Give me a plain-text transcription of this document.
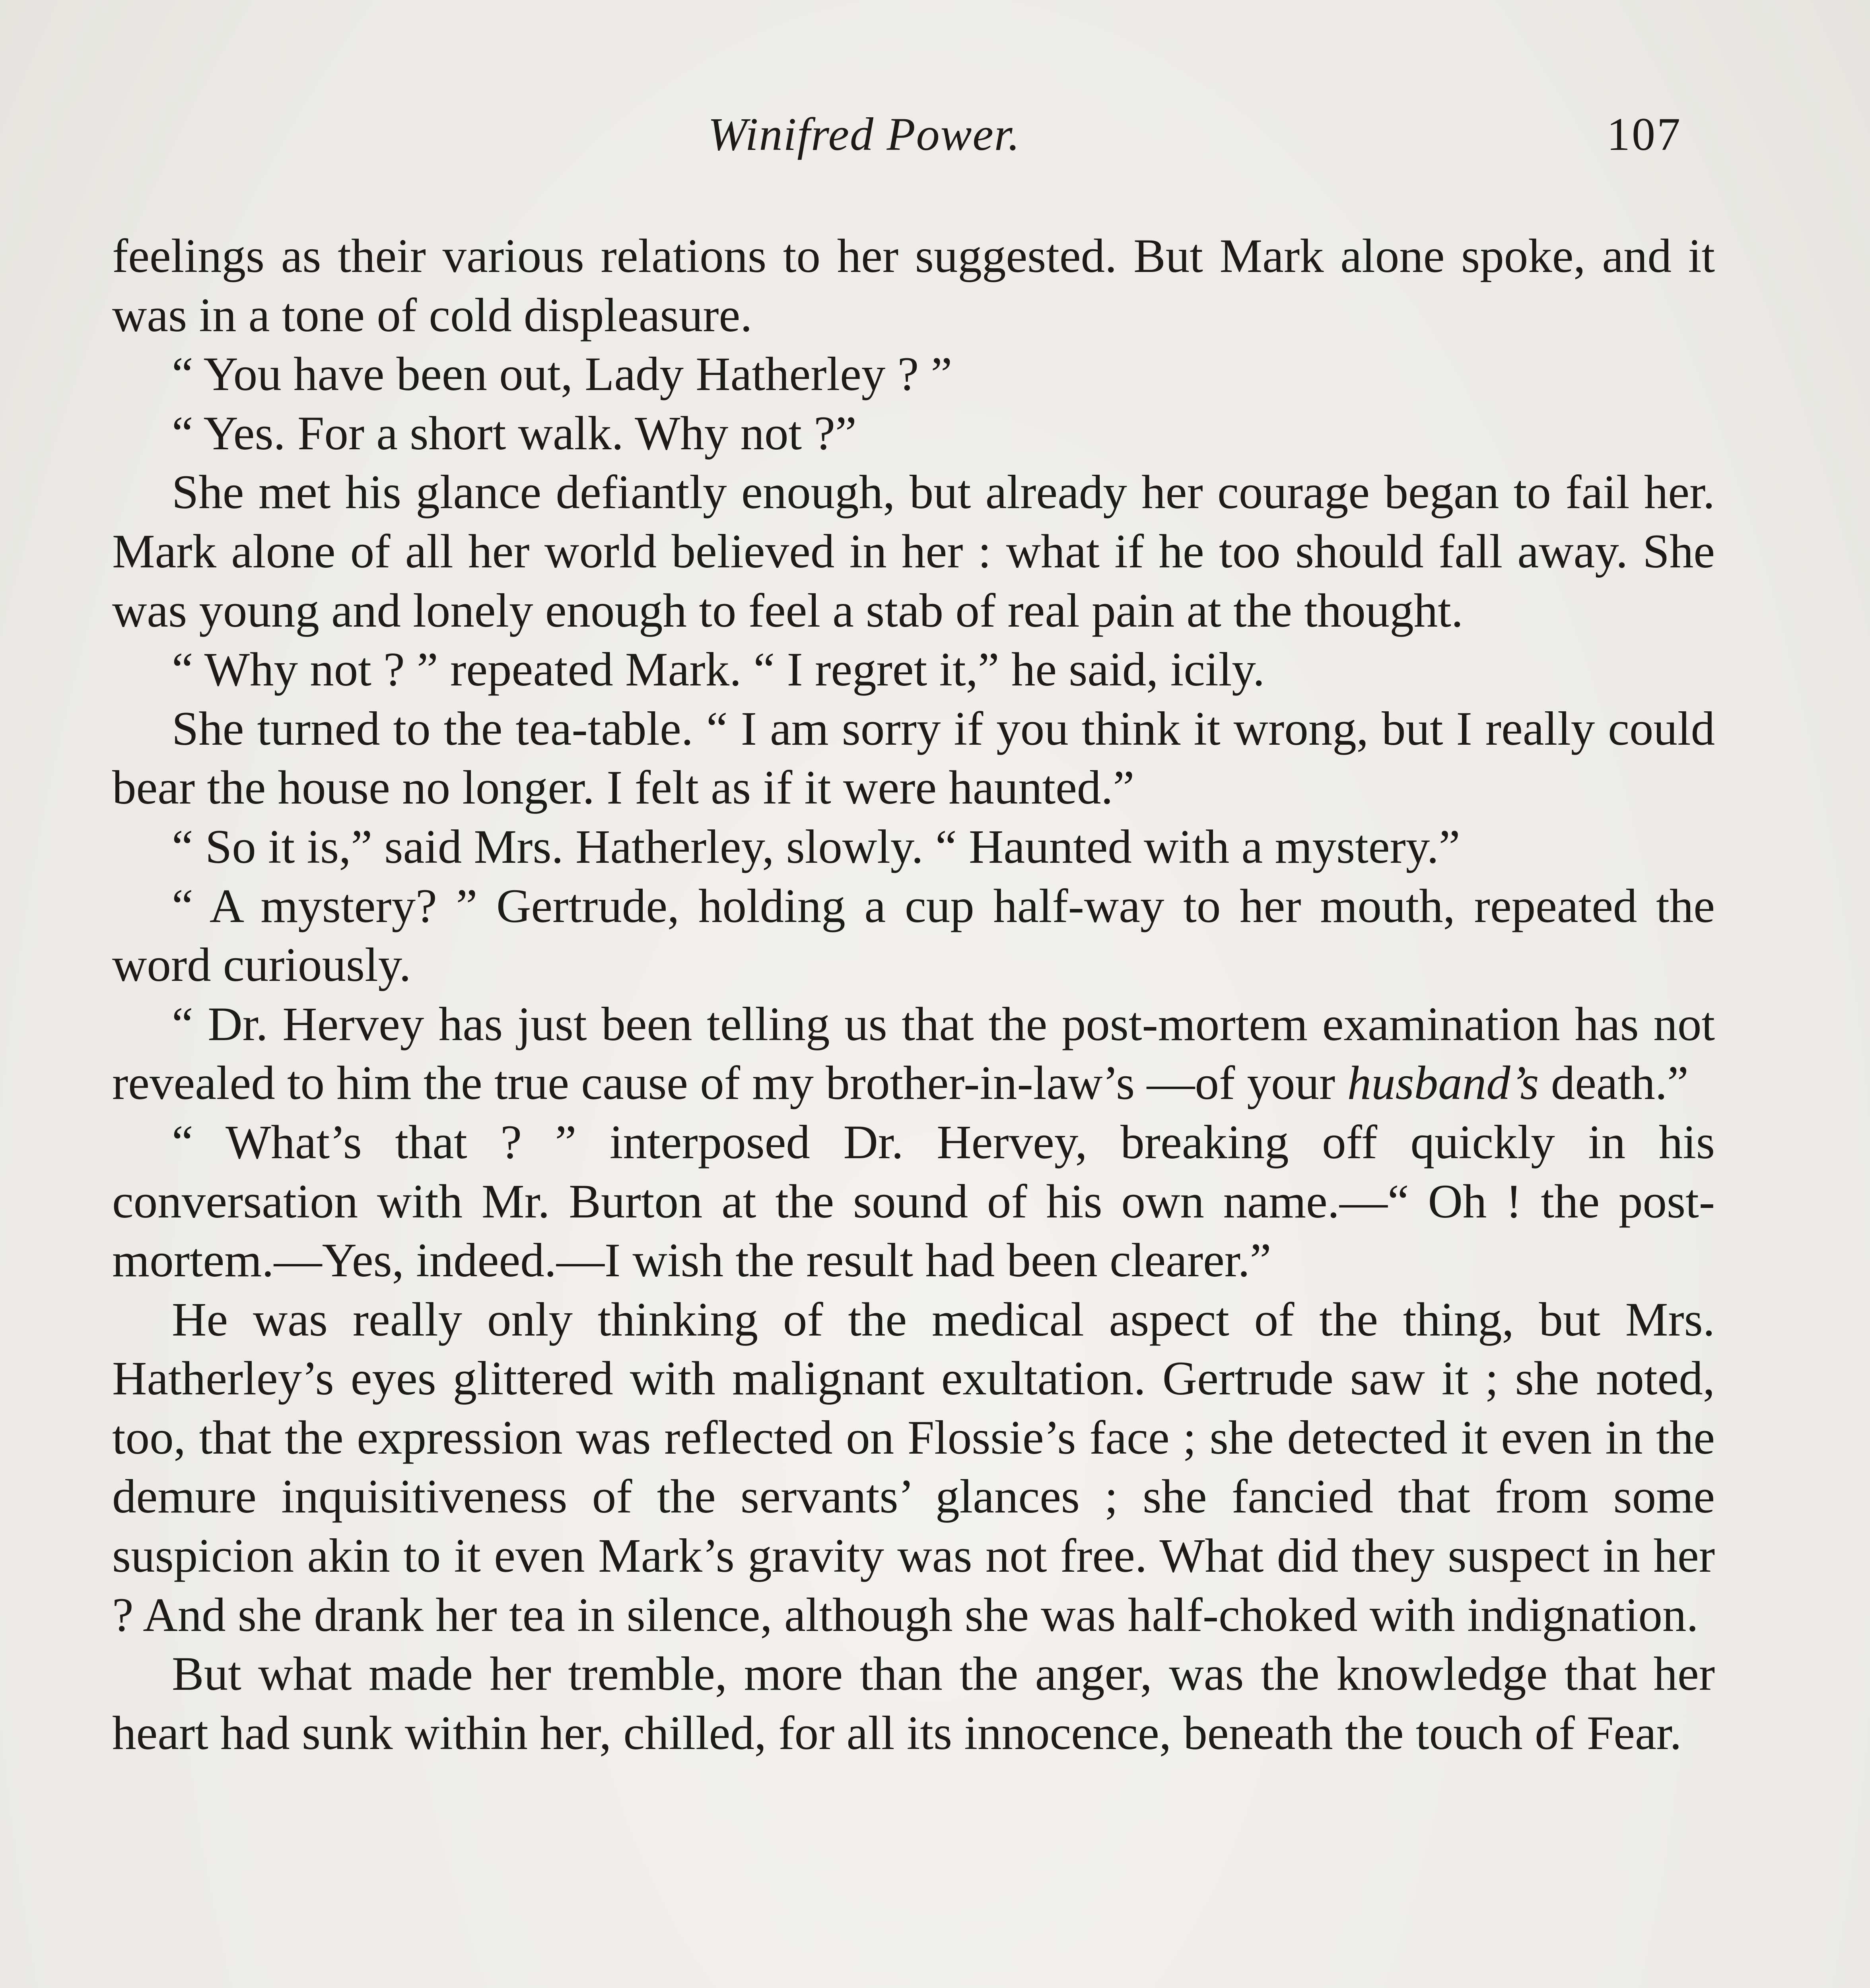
Winifred Power.	107

feelings as their various relations to her suggested. But Mark alone spoke, and it was in a tone of cold displeasure.

“ You have been out, Lady Hatherley ? ”

“ Yes. For a short walk. Why not ?”

She met his glance defiantly enough, but already her courage began to fail her. Mark alone of all her world believed in her : what if he too should fall away. She was young and lonely enough to feel a stab of real pain at the thought.

“ Why not ? ” repeated Mark. “ I regret it,” he said, icily.

She turned to the tea-table. “ I am sorry if you think it wrong, but I really could bear the house no longer. I felt as if it were haunted.”

“ So it is,” said Mrs. Hatherley, slowly. “ Haunted with a mystery.”

“ A mystery? ” Gertrude, holding a cup half-way to her mouth, repeated the word curiously.

“ Dr. Hervey has just been telling us that the post-mortem examination has not revealed to him the true cause of my brother-in-law’s —of your husband’s death.”

“ What’s that ? ” interposed Dr. Hervey, breaking off quickly in his conversation with Mr. Burton at the sound of his own name.—“ Oh ! the post-mortem.—Yes, indeed.—I wish the result had been clearer.”

He was really only thinking of the medical aspect of the thing, but Mrs. Hatherley’s eyes glittered with malignant exultation. Gertrude saw it ; she noted, too, that the expression was reflected on Flossie’s face ; she detected it even in the demure inquisitiveness of the servants’ glances ; she fancied that from some suspicion akin to it even Mark’s gravity was not free. What did they suspect in her ? And she drank her tea in silence, although she was half-choked with indignation.

But what made her tremble, more than the anger, was the knowledge that her heart had sunk within her, chilled, for all its innocence, beneath the touch of Fear.
